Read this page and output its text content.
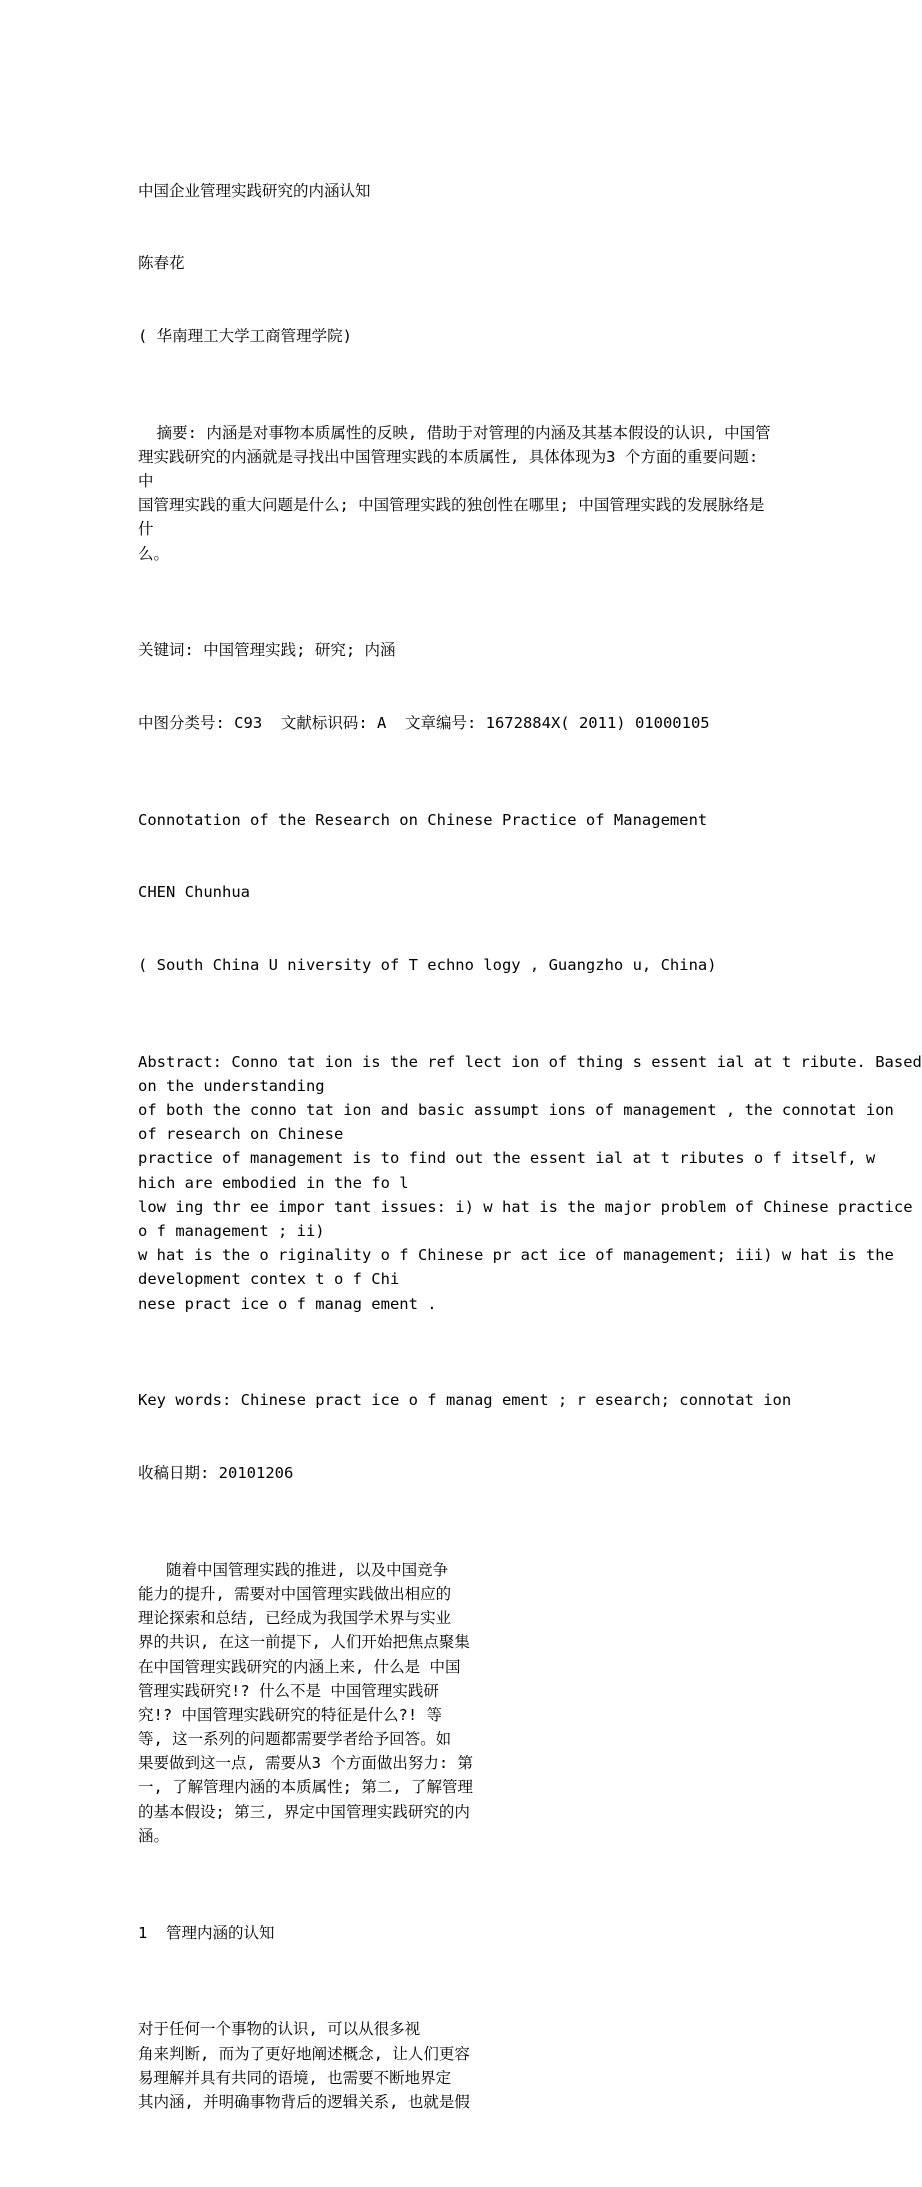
中国企业管理实践研究的内涵认知

陈春花

( 华南理工大学工商管理学院)

摘要: 内涵是对事物本质属性的反映, 借助于对管理的内涵及其基本假设的认识, 中国管
理实践研究的内涵就是寻找出中国管理实践的本质属性, 具体体现为3 个方面的重要问题:
中
国管理实践的重大问题是什么; 中国管理实践的独创性在哪里; 中国管理实践的发展脉络是
什
么。

关键词: 中国管理实践; 研究; 内涵

中图分类号: C93  文献标识码: A  文章编号: 1672884X( 2011) 01000105

Connotation of the Research on Chinese Practice of Management

CHEN Chunhua

( South China U niversity of T echno logy , Guangzho u, China)

Abstract: Conno tat ion is the ref lect ion of thing s essent ial at t ribute. Based
on the understanding
of both the conno tat ion and basic assumpt ions of management , the connotat ion
of research on Chinese
practice of management is to find out the essent ial at t ributes o f itself, w
hich are embodied in the fo l
low ing thr ee impor tant issues: i) w hat is the major problem of Chinese practice
o f management ; ii)
w hat is the o riginality o f Chinese pr act ice of management; iii) w hat is the
development contex t o f Chi
nese pract ice o f manag ement .

Key words: Chinese pract ice o f manag ement ; r esearch; connotat ion

收稿日期: 20101206

随着中国管理实践的推进, 以及中国竞争
能力的提升, 需要对中国管理实践做出相应的
理论探索和总结, 已经成为我国学术界与实业
界的共识, 在这一前提下, 人们开始把焦点聚集
在中国管理实践研究的内涵上来, 什么是 中国
管理实践研究!? 什么不是 中国管理实践研
究!? 中国管理实践研究的特征是什么?! 等
等, 这一系列的问题都需要学者给予回答。如
果要做到这一点, 需要从3 个方面做出努力: 第
一, 了解管理内涵的本质属性; 第二, 了解管理
的基本假设; 第三, 界定中国管理实践研究的内
涵。

1  管理内涵的认知

对于任何一个事物的认识, 可以从很多视
角来判断, 而为了更好地阐述概念, 让人们更容
易理解并具有共同的语境, 也需要不断地界定
其内涵, 并明确事物背后的逻辑关系, 也就是假
